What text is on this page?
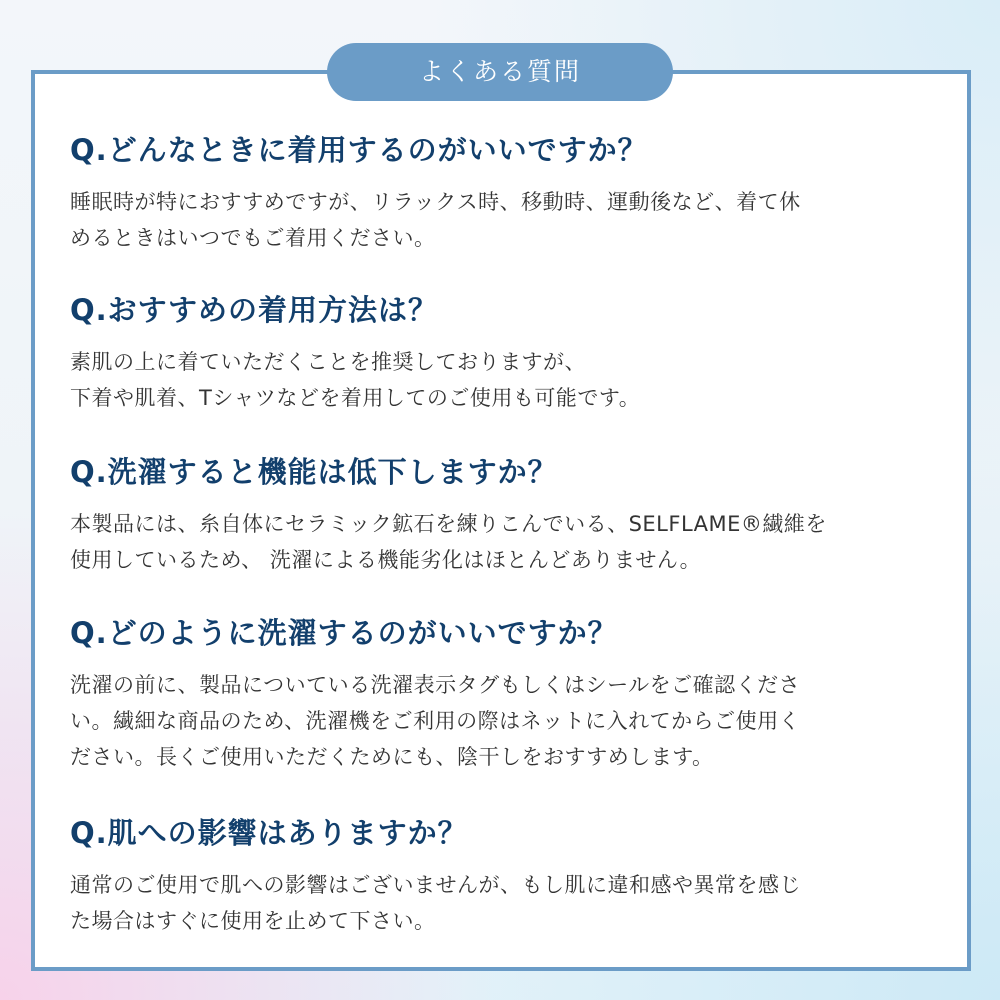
よくある質問

Q.どんなときに着用するのがいいですか？

睡眠時が特におすすめですが、リラックス時、移動時、運動後など、着て休
めるときはいつでもご着用ください。

Q.おすすめの着用方法は？

素肌の上に着ていただくことを推奨しておりますが、
下着や肌着、Tシャツなどを着用してのご使用も可能です。

Q.洗濯すると機能は低下しますか？

本製品には、糸自体にセラミック鉱石を練りこんでいる、SELFLAME®繊維を
使用しているため、 洗濯による機能劣化はほとんどありません。

Q.どのように洗濯するのがいいですか？

洗濯の前に、製品についている洗濯表示タグもしくはシールをご確認くださ
い。繊細な商品のため、洗濯機をご利用の際はネットに入れてからご使用く
ださい。長くご使用いただくためにも、陰干しをおすすめします。

Q.肌への影響はありますか？

通常のご使用で肌への影響はございませんが、もし肌に違和感や異常を感じ
た場合はすぐに使用を止めて下さい。
